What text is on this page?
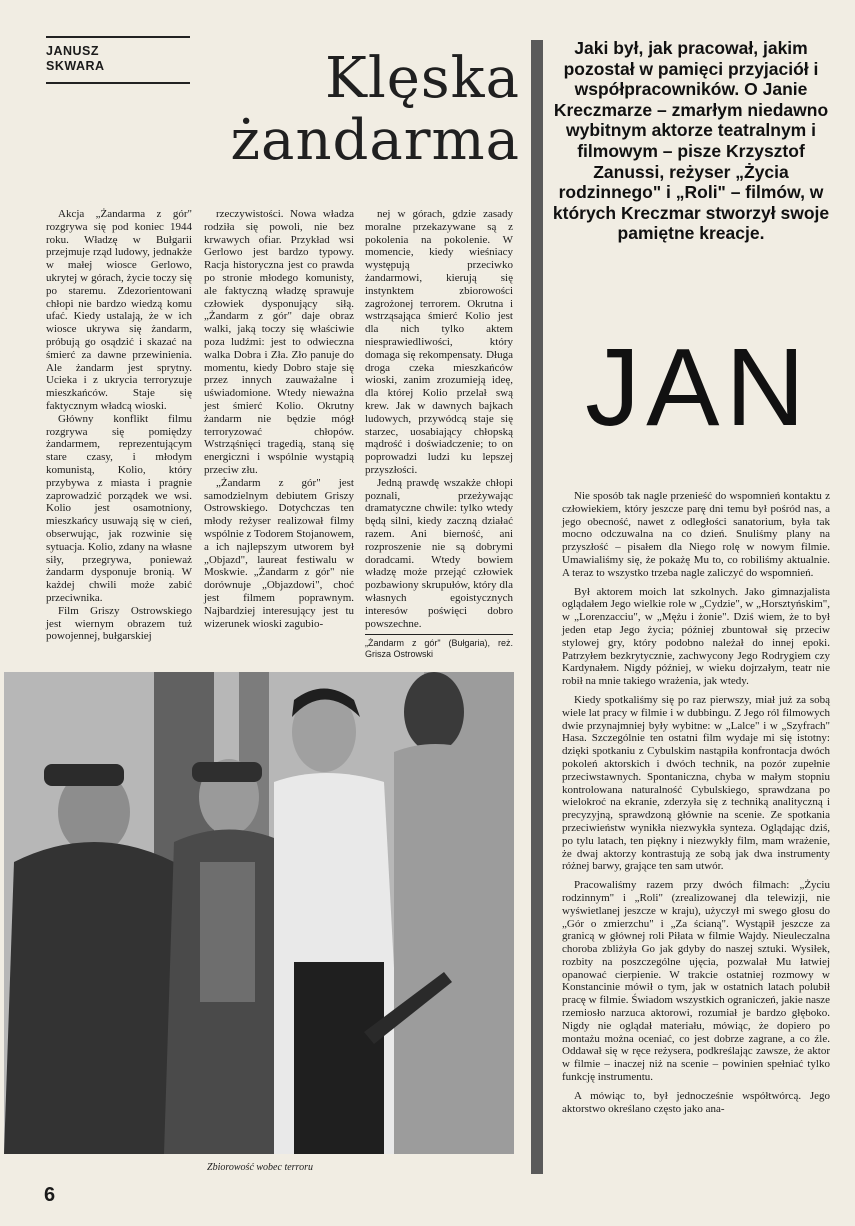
JANUSZ
SKWARA	Klęska
żandarma

Akcja „Żandarma z gór" rozgrywa się pod koniec 1944 roku. Władzę w Bułgarii przejmuje rząd ludowy, jednakże w małej wiosce Gerlowo, ukrytej w górach, życie toczy się po staremu. Zdezorientowani chłopi nie bardzo wiedzą komu ufać. Kiedy ustalają, że w ich wiosce ukrywa się żandarm, próbują go osądzić i skazać na śmierć za dawne przewinienia. Ale żandarm jest sprytny. Ucieka i z ukrycia terroryzuje mieszkańców. Staje się faktycznym władcą wioski.

Główny konflikt filmu rozgrywa się pomiędzy żandarmem, reprezentującym stare czasy, i młodym komunistą, Kolio, który przybywa z miasta i pragnie zaprowadzić porządek we wsi. Kolio jest osamotniony, mieszkańcy usuwają się w cień, obserwując, jak rozwinie się sytuacja. Kolio, zdany na własne siły, przegrywa, ponieważ żandarm dysponuje bronią. W każdej chwili może zabić przeciwnika.

Film Griszy Ostrowskiego jest wiernym obrazem tuż powojennej, bułgarskiej

rzeczywistości. Nowa władza rodziła się powoli, nie bez krwawych ofiar. Przykład wsi Gerlowo jest bardzo typowy. Racja historyczna jest co prawda po stronie młodego komunisty, ale faktyczną władzę sprawuje człowiek dysponujący siłą. „Żandarm z gór" daje obraz walki, jaką toczy się właściwie poza ludźmi: jest to odwieczna walka Dobra i Zła. Zło panuje do momentu, kiedy Dobro staje się przez innych zauważalne i uświadomione. Wtedy nieważna jest śmierć Kolio. Okrutny żandarm nie będzie mógł terroryzować chłopów. Wstrząśnięci tragedią, staną się energiczni i wspólnie wystąpią przeciw złu.

„Żandarm z gór" jest samodzielnym debiutem Griszy Ostrowskiego. Dotychczas ten młody reżyser realizował filmy wspólnie z Todorem Stojanowem, a ich najlepszym utworem był „Objazd", laureat festiwalu w Moskwie. „Żandarm z gór" nie dorównuje „Objazdowi", choć jest filmem poprawnym. Najbardziej interesujący jest tu wizerunek wioski zagubio-

nej w górach, gdzie zasady moralne przekazywane są z pokolenia na pokolenie. W momencie, kiedy wieśniacy występują przeciwko żandarmowi, kierują się instynktem zbiorowości zagrożonej terrorem. Okrutna i wstrząsająca śmierć Kolio jest dla nich tylko aktem niesprawiedliwości, który domaga się rekompensaty. Długa droga czeka mieszkańców wioski, zanim zrozumieją ideę, dla której Kolio przelał swą krew. Jak w dawnych bajkach ludowych, przywódcą staje się starzec, uosabiający chłopską mądrość i doświadczenie; to on poprowadzi ludzi ku lepszej przyszłości.

Jedną prawdę wszakże chłopi poznali, przeżywając dramatyczne chwile: tylko wtedy będą silni, kiedy zaczną działać razem. Ani bierność, ani rozproszenie nie są dobrymi doradcami. Wtedy bowiem władzę może przejąć człowiek pozbawiony skrupułów, który dla własnych egoistycznych interesów poświęci dobro powszechne.

„Żandarm z gór" (Bułgaria), reż. Grisza Ostrowski

Zbiorowość wobec terroru
6
Jaki był, jak pracował, jakim pozostał w pamięci przyjaciół i współpracowników. O Janie Kreczmarze – zmarłym niedawno wybitnym aktorze teatralnym i filmowym – pisze Krzysztof Zanussi, reżyser „Życia rodzinnego" i „Roli" – filmów, w których Kreczmar stworzył swoje pamiętne kreacje.
JAN

Nie sposób tak nagle przenieść do wspomnień kontaktu z człowiekiem, który jeszcze parę dni temu był pośród nas, a jego obecność, nawet z odległości sanatorium, była tak mocno odczuwalna na co dzień. Snuliśmy plany na przyszłość – pisałem dla Niego rolę w nowym filmie. Umawialiśmy się, że pokażę Mu to, co robiliśmy aktualnie. A teraz to wszystko trzeba nagle zaliczyć do wspomnień.

Był aktorem moich lat szkolnych. Jako gimnazjalista oglądałem Jego wielkie role w „Cydzie", w „Horsztyńskim", w „Lorenzacciu", w „Mężu i żonie". Dziś wiem, że to był jeden etap Jego życia; później zbuntował się przeciw stylowej gry, który podobno należał do innej epoki. Patrzyłem bezkrytycznie, zachwycony Jego Rodrygiem czy Kardynałem. Nigdy później, w wieku dojrzałym, teatr nie robił na mnie takiego wrażenia, jak wtedy.

Kiedy spotkaliśmy się po raz pierwszy, miał już za sobą wiele lat pracy w filmie i w dubbingu. Z Jego ról filmowych dwie przynajmniej były wybitne: w „Lalce" i w „Szyfrach" Hasa. Szczególnie ten ostatni film wydaje mi się istotny: dzięki spotkaniu z Cybulskim nastąpiła konfrontacja dwóch pokoleń aktorskich i dwóch technik, na pozór zupełnie przeciwstawnych. Spontaniczna, chyba w małym stopniu kontrolowana naturalność Cybulskiego, sprawdzana po wielokroć na ekranie, zderzyła się z techniką analityczną i precyzyjną, sprawdzoną głównie na scenie. Ze spotkania przeciwieństw wynikła niezwykła synteza. Oglądając dziś, po tylu latach, ten piękny i niezwykły film, mam wrażenie, że dwaj aktorzy kontrastują ze sobą jak dwa instrumenty różnej barwy, grające ten sam utwór.

Pracowaliśmy razem przy dwóch filmach: „Życiu rodzinnym" i „Roli" (zrealizowanej dla telewizji, nie wyświetlanej jeszcze w kraju), użyczył mi swego głosu do „Gór o zmierzchu" i „Za ścianą". Wystąpił jeszcze za granicą w głównej roli Piłata w filmie Wajdy. Nieuleczalna choroba zbliżyła Go jak gdyby do naszej sztuki. Wysiłek, rozbity na poszczególne ujęcia, pozwalał Mu łatwiej opanować cierpienie. W trakcie ostatniej rozmowy w Konstancinie mówił o tym, jak w ostatnich latach polubił pracę w filmie. Świadom wszystkich ograniczeń, jakie nasze rzemiosło narzuca aktorowi, rozumiał je bardzo głęboko. Nigdy nie oglądał materiału, mówiąc, że dopiero po montażu można oceniać, co jest dobrze zagrane, a co źle. Oddawał się w ręce reżysera, podkreślając zawsze, że aktor w filmie – inaczej niż na scenie – powinien spełniać tylko funkcję instrumentu.

A mówiąc to, był jednocześnie współtwórcą. Jego aktorstwo określano często jako ana-
